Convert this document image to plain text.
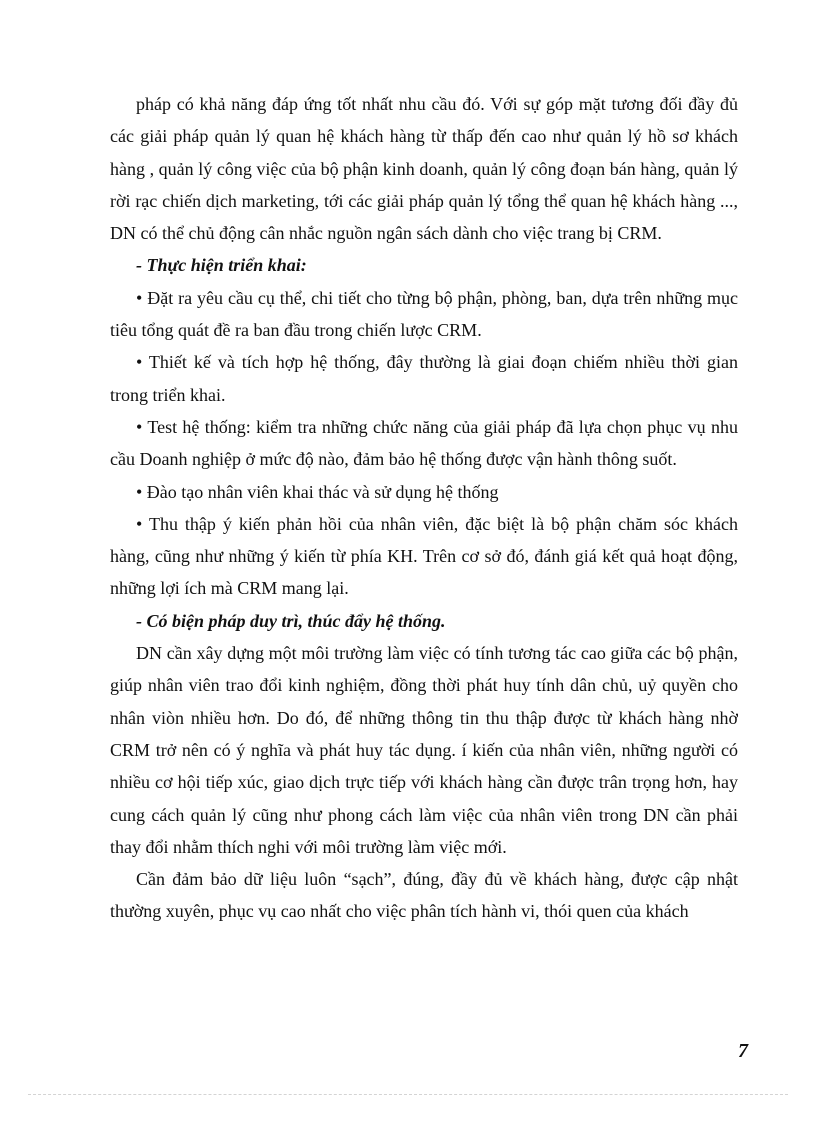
pháp có khả năng đáp ứng tốt nhất nhu cầu đó. Với sự góp mặt tương đối đầy đủ các giải pháp quản lý quan hệ khách hàng từ thấp đến cao như quản lý hồ sơ khách hàng , quản lý công việc của bộ phận kinh doanh, quản lý công đoạn bán hàng, quản lý rời rạc chiến dịch marketing, tới các giải pháp quản lý tổng thể quan hệ khách hàng ..., DN có thể chủ động cân nhắc nguồn ngân sách dành cho việc trang bị CRM.

- Thực hiện triển khai:

• Đặt ra yêu cầu cụ thể, chi tiết cho từng bộ phận, phòng, ban, dựa trên những mục tiêu tổng quát đề ra ban đầu trong chiến lược CRM.

• Thiết kế và tích hợp hệ thống, đây thường là giai đoạn chiếm nhiều thời gian trong triển khai.

• Test hệ thống: kiểm tra những chức năng của giải pháp đã lựa chọn phục vụ nhu cầu Doanh nghiệp ở mức độ nào, đảm bảo hệ thống được vận hành thông suốt.

• Đào tạo nhân viên khai thác và sử dụng hệ thống

• Thu thập ý kiến phản hồi của nhân viên, đặc biệt là bộ phận chăm sóc khách hàng, cũng như những ý kiến từ phía KH. Trên cơ sở đó, đánh giá kết quả hoạt động, những lợi ích mà CRM mang lại.

- Có biện pháp duy trì, thúc đẩy hệ thống.

DN cần xây dựng một môi trường làm việc có tính tương tác cao giữa các bộ phận, giúp nhân viên trao đổi kinh nghiệm, đồng thời phát huy tính dân chủ, uỷ quyền cho nhân viòn nhiều hơn. Do đó, để những thông tin thu thập được từ khách hàng nhờ CRM trở nên có ý nghĩa và phát huy tác dụng. í kiến của nhân viên, những người có nhiều cơ hội tiếp xúc, giao dịch trực tiếp với khách hàng cần được trân trọng hơn, hay cung cách quản lý cũng như phong cách làm việc của nhân viên trong DN cần phải thay đổi nhằm thích nghi với môi trường làm việc mới.

Cần đảm bảo dữ liệu luôn “sạch”, đúng, đầy đủ về khách hàng, được cập nhật thường xuyên, phục vụ cao nhất cho việc phân tích hành vi, thói quen của khách

7
